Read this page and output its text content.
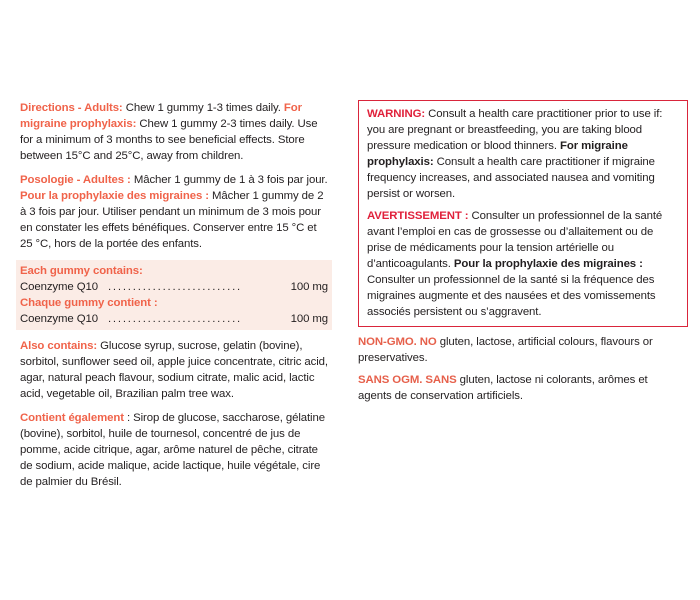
Directions - Adults: Chew 1 gummy 1-3 times daily. For migraine prophylaxis: Chew 1 gummy 2-3 times daily. Use for a minimum of 3 months to see beneficial effects. Store between 15°C and 25°C, away from children.

Posologie - Adultes : Mâcher 1 gummy de 1 à 3 fois par jour. Pour la prophylaxie des migraines : Mâcher 1 gummy de 2 à 3 fois par jour. Utiliser pendant un minimum de 3 mois pour en constater les effets bénéfiques. Conserver entre 15 °C et 25 °C, hors de la portée des enfants.

Each gummy contains:

Coenzyme Q10 ...........................	100 mg

Chaque gummy contient :

Coenzyme Q10 ...........................	100 mg

Also contains: Glucose syrup, sucrose, gelatin (bovine), sorbitol, sunflower seed oil, apple juice concentrate, citric acid, agar, natural peach flavour, sodium citrate, malic acid, lactic acid, vegetable oil, Brazilian palm tree wax.

Contient également : Sirop de glucose, saccharose, gélatine (bovine), sorbitol, huile de tournesol, concentré de jus de pomme, acide citrique, agar, arôme naturel de pêche, citrate de sodium, acide malique, acide lactique, huile végétale, cire de palmier du Brésil.

WARNING: Consult a health care practitioner prior to use if: you are pregnant or breastfeeding, you are taking blood pressure medication or blood thinners. For migraine prophylaxis: Consult a health care practitioner if migraine frequency increases, and associated nausea and vomiting persist or worsen.

AVERTISSEMENT : Consulter un professionnel de la santé avant l’emploi en cas de grossesse ou d’allaitement ou de prise de médicaments pour la tension artérielle ou d’anticoagulants. Pour la prophylaxie des migraines : Consulter un professionnel de la santé si la fréquence des migraines augmente et des nausées et des vomissements associés persistent ou s’aggravent.

NON-GMO. NO gluten, lactose, artificial colours, flavours or preservatives.

SANS OGM. SANS gluten, lactose ni colorants, arômes et agents de conservation artificiels.
